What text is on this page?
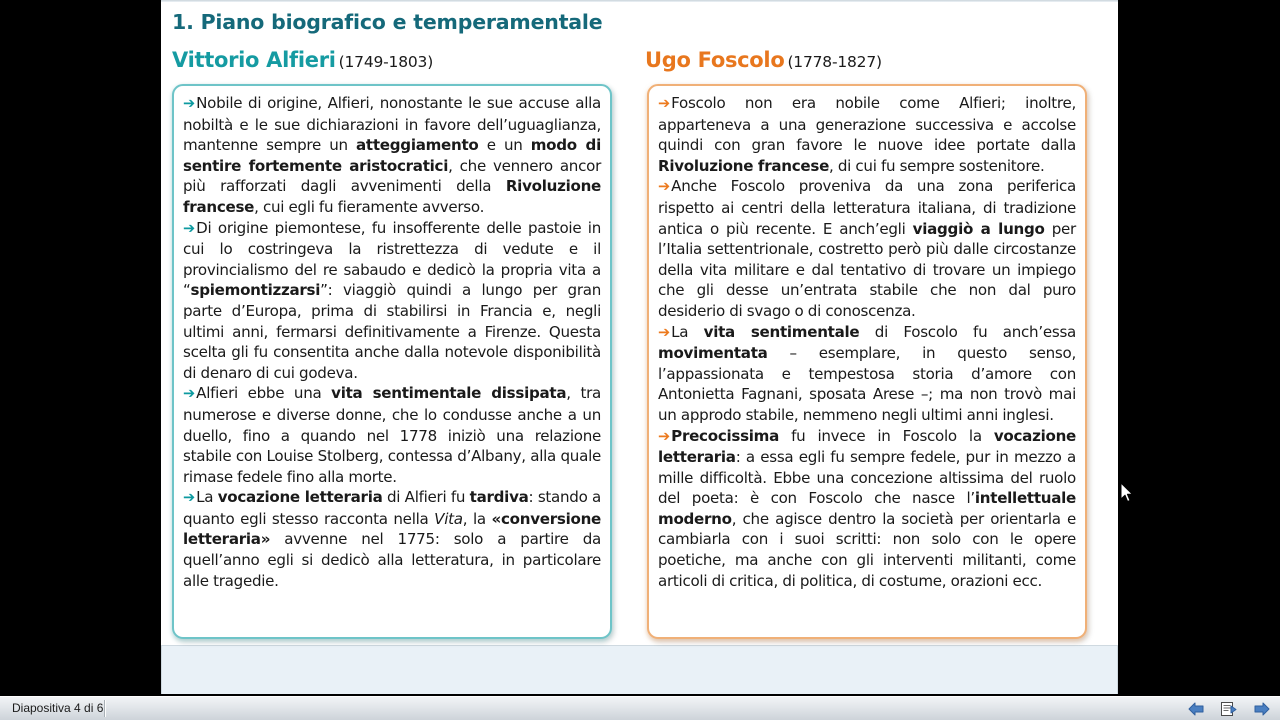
1. Piano biografico e temperamentale
Vittorio Alfieri (1749-1803)	Ugo Foscolo (1778-1827)

➔Nobile di origine, Alfieri, nonostante le sue accuse alla nobiltà e le sue dichiarazioni in favore dell’uguaglianza, mantenne sempre un atteggiamento e un modo di sentire fortemente aristocratici, che vennero ancor più rafforzati dagli avvenimenti della Rivoluzione francese, cui egli fu fieramente avverso.

➔Di origine piemontese, fu insofferente delle pastoie in cui lo costringeva la ristrettezza di vedute e il provincialismo del re sabaudo e dedicò la propria vita a “spiemontizzarsi”: viaggiò quindi a lungo per gran parte d’Europa, prima di stabilirsi in Francia e, negli ultimi anni, fermarsi definitivamente a Firenze. Questa scelta gli fu consentita anche dalla notevole disponibilità di denaro di cui godeva.

➔Alfieri ebbe una vita sentimentale dissipata, tra numerose e diverse donne, che lo condusse anche a un duello, fino a quando nel 1778 iniziò una relazione stabile con Louise Stolberg, contessa d’Albany, alla quale rimase fedele fino alla morte.

➔La vocazione letteraria di Alfieri fu tardiva: stando a quanto egli stesso racconta nella Vita, la «conversione letteraria» avvenne nel 1775: solo a partire da quell’anno egli si dedicò alla letteratura, in particolare alle tragedie.

➔Foscolo non era nobile come Alfieri; inoltre, apparteneva a una generazione successiva e accolse quindi con gran favore le nuove idee portate dalla Rivoluzione francese, di cui fu sempre sostenitore.

➔Anche Foscolo proveniva da una zona periferica rispetto ai centri della letteratura italiana, di tradizione antica o più recente. E anch’egli viaggiò a lungo per l’Italia settentrionale, costretto però più dalle circostanze della vita militare e dal tentativo di trovare un impiego che gli desse un’entrata stabile che non dal puro desiderio di svago o di conoscenza.

➔La vita sentimentale di Foscolo fu anch’essa movimentata – esemplare, in questo senso, l’appassionata e tempestosa storia d’amore con Antonietta Fagnani, sposata Arese –; ma non trovò mai un approdo stabile, nemmeno negli ultimi anni inglesi.

➔Precocissima fu invece in Foscolo la vocazione letteraria: a essa egli fu sempre fedele, pur in mezzo a mille difficoltà. Ebbe una concezione altissima del ruolo del poeta: è con Foscolo che nasce l’intellettuale moderno, che agisce dentro la società per orientarla e cambiarla con i suoi scritti: non solo con le opere poetiche, ma anche con gli interventi militanti, come articoli di critica, di politica, di costume, orazioni ecc.

Diapositiva 4 di 6
